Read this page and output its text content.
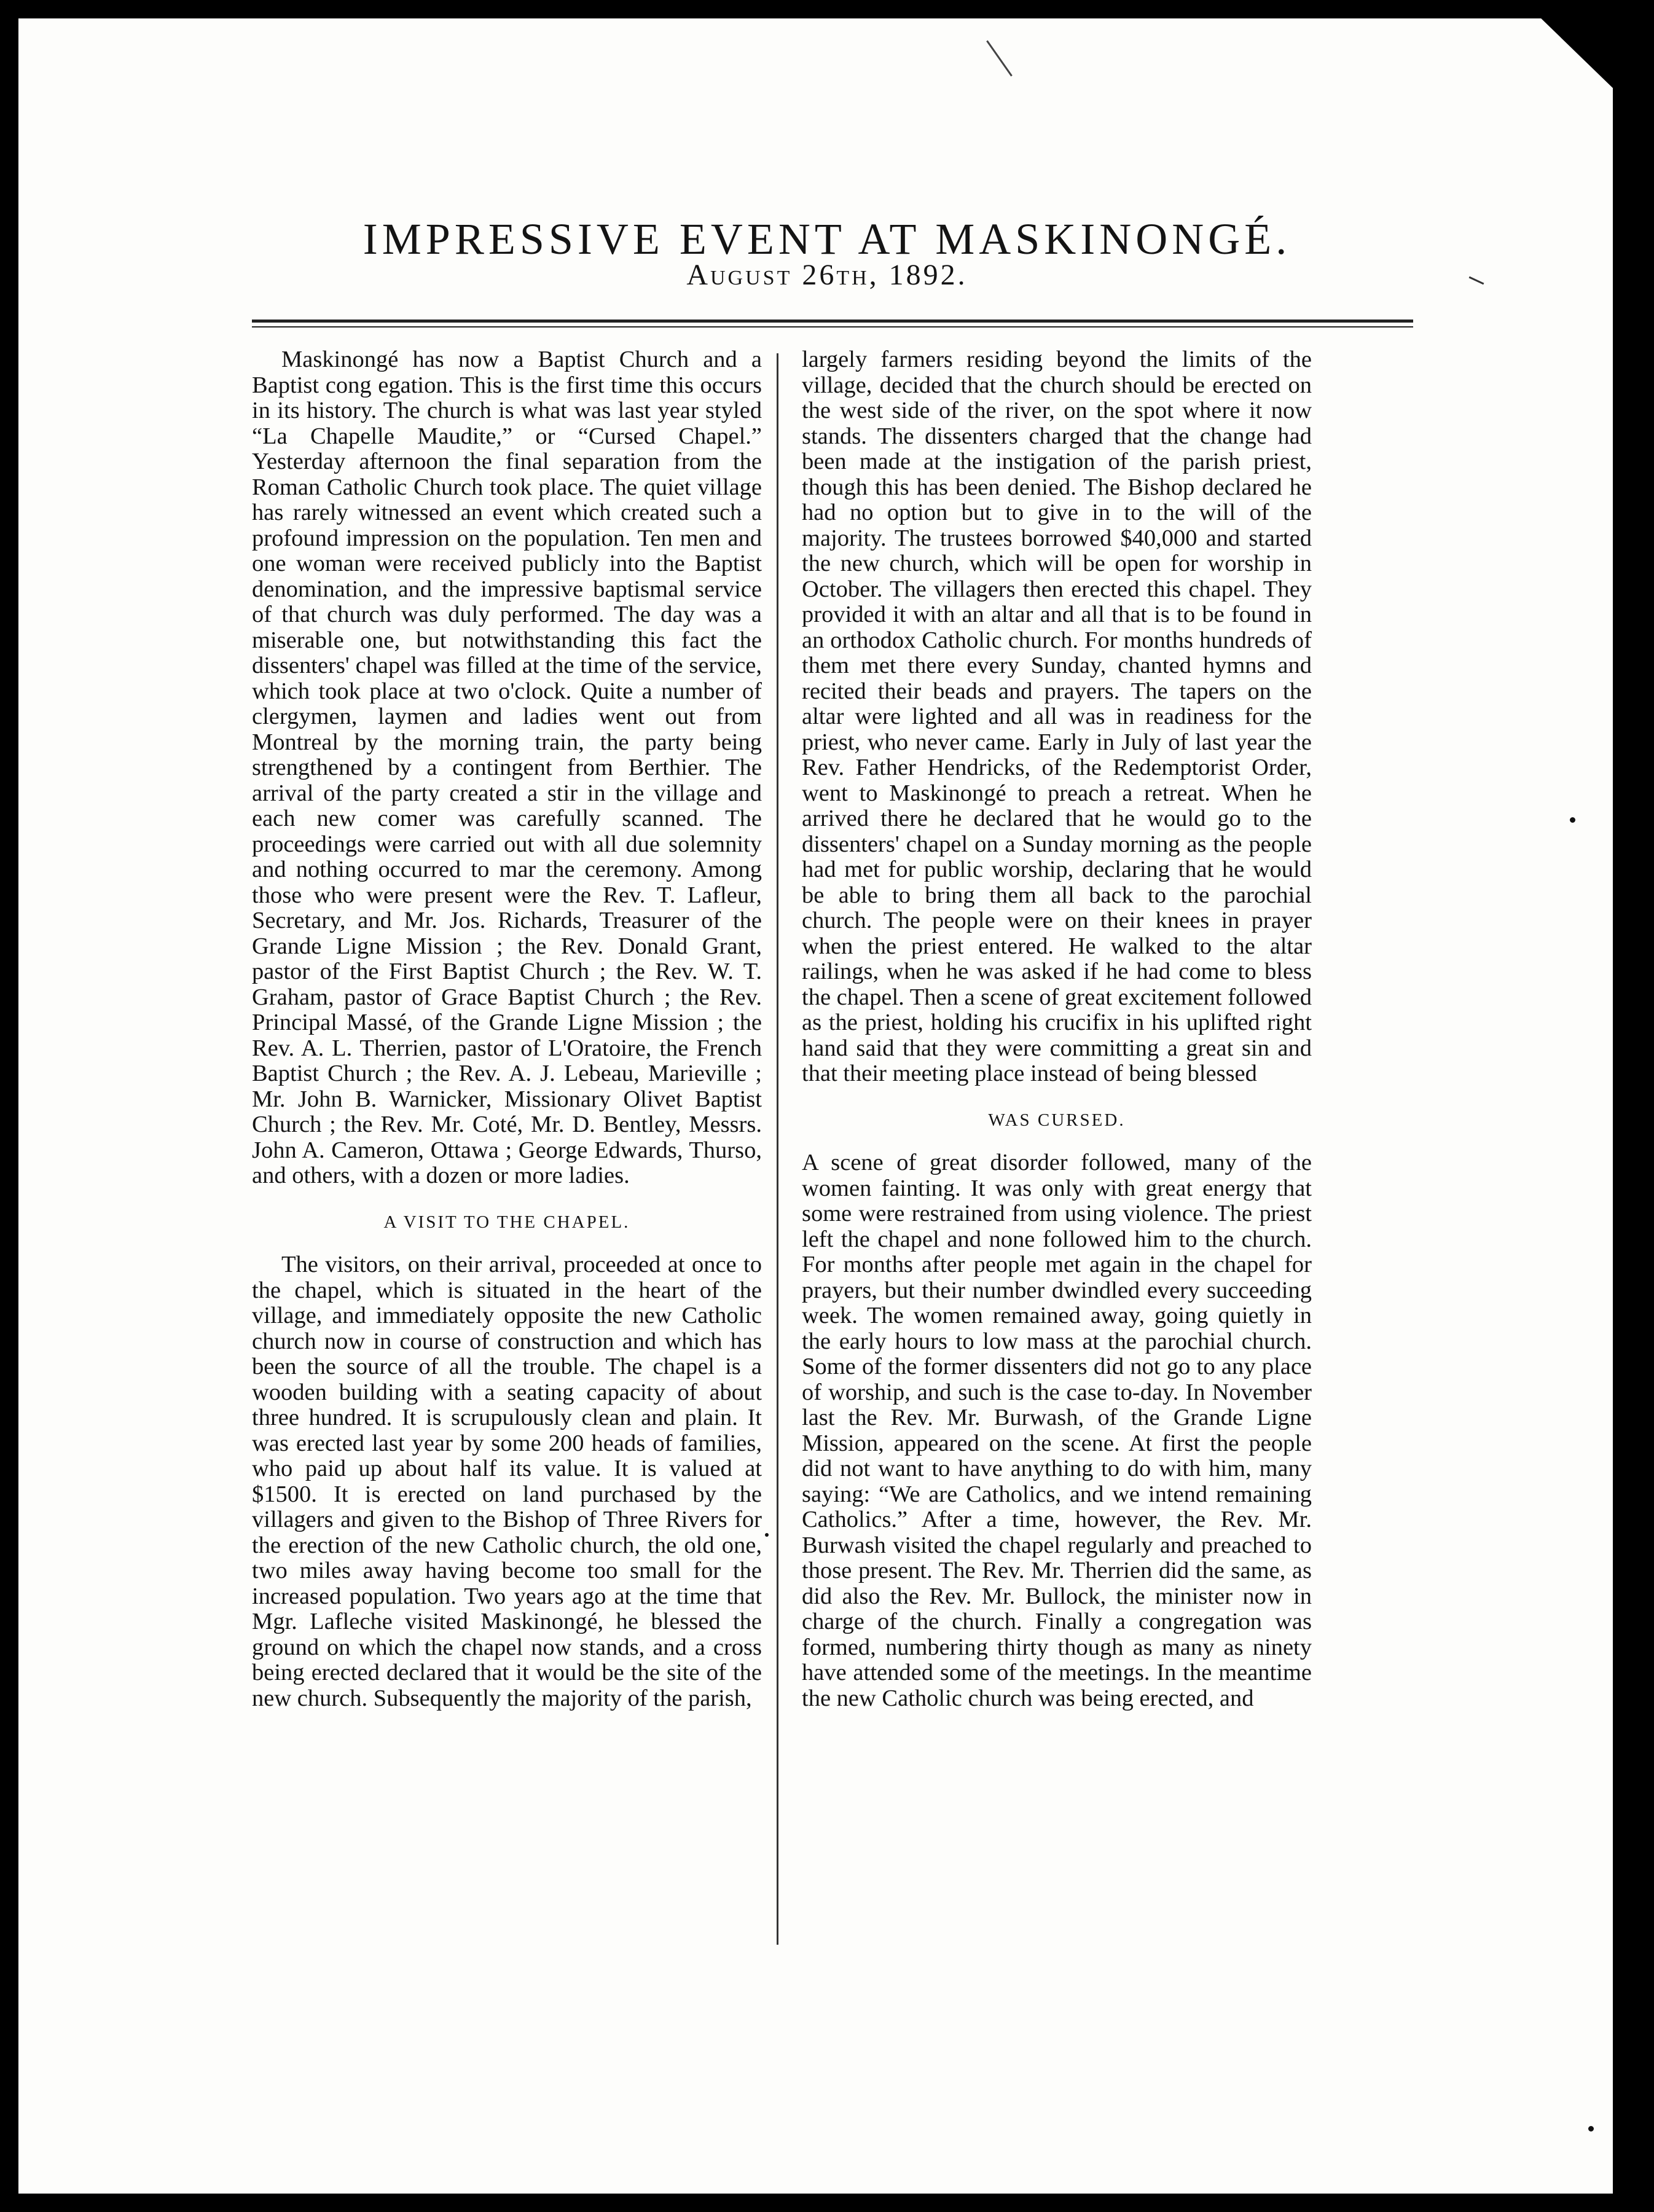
IMPRESSIVE EVENT AT MASKINONGÉ.
August 26th, 1892.

Maskinongé has now a Baptist Church and a Baptist cong egation. This is the first time this occurs in its history. The church is what was last year styled “La Chapelle Maudite,” or “Cursed Chapel.” Yesterday afternoon the final separation from the Roman Catholic Church took place. The quiet village has rarely witnessed an event which created such a profound impression on the population. Ten men and one woman were received publicly into the Baptist denomination, and the impressive baptismal service of that church was duly performed. The day was a miserable one, but notwithstanding this fact the dissenters' chapel was filled at the time of the service, which took place at two o'clock. Quite a number of clergymen, laymen and ladies went out from Montreal by the morning train, the party being strengthened by a contingent from Berthier. The arrival of the party created a stir in the village and each new comer was carefully scanned. The proceedings were carried out with all due solemnity and nothing occurred to mar the ceremony. Among those who were present were the Rev. T. Lafleur, Secretary, and Mr. Jos. Richards, Treasurer of the Grande Ligne Mission ; the Rev. Donald Grant, pastor of the First Baptist Church ; the Rev. W. T. Graham, pastor of Grace Baptist Church ; the Rev. Principal Massé, of the Grande Ligne Mission ; the Rev. A. L. Therrien, pastor of L'Oratoire, the French Baptist Church ; the Rev. A. J. Lebeau, Marieville ; Mr. John B. Warnicker, Missionary Olivet Baptist Church ; the Rev. Mr. Coté, Mr. D. Bentley, Messrs. John A. Cameron, Ottawa ; George Edwards, Thurso, and others, with a dozen or more ladies.

A VISIT TO THE CHAPEL.

The visitors, on their arrival, proceeded at once to the chapel, which is situated in the heart of the village, and immediately opposite the new Catholic church now in course of construction and which has been the source of all the trouble. The chapel is a wooden building with a seating capacity of about three hundred. It is scrupulously clean and plain. It was erected last year by some 200 heads of families, who paid up about half its value. It is valued at $1500. It is erected on land purchased by the villagers and given to the Bishop of Three Rivers for the erection of the new Catholic church, the old one, two miles away having become too small for the increased population. Two years ago at the time that Mgr. Lafleche visited Maskinongé, he blessed the ground on which the chapel now stands, and a cross being erected declared that it would be the site of the new church. Subsequently the majority of the parish,

largely farmers residing beyond the limits of the village, decided that the church should be erected on the west side of the river, on the spot where it now stands. The dissenters charged that the change had been made at the instigation of the parish priest, though this has been denied. The Bishop declared he had no option but to give in to the will of the majority. The trustees borrowed $40,000 and started the new church, which will be open for worship in October. The villagers then erected this chapel. They provided it with an altar and all that is to be found in an orthodox Catholic church. For months hundreds of them met there every Sunday, chanted hymns and recited their beads and prayers. The tapers on the altar were lighted and all was in readiness for the priest, who never came. Early in July of last year the Rev. Father Hendricks, of the Redemptorist Order, went to Maskinongé to preach a retreat. When he arrived there he declared that he would go to the dissenters' chapel on a Sunday morning as the people had met for public worship, declaring that he would be able to bring them all back to the parochial church. The people were on their knees in prayer when the priest entered. He walked to the altar railings, when he was asked if he had come to bless the chapel. Then a scene of great excitement followed as the priest, holding his crucifix in his uplifted right hand said that they were committing a great sin and that their meeting place instead of being blessed

WAS CURSED.

A scene of great disorder followed, many of the women fainting. It was only with great energy that some were restrained from using violence. The priest left the chapel and none followed him to the church. For months after people met again in the chapel for prayers, but their number dwindled every succeeding week. The women remained away, going quietly in the early hours to low mass at the parochial church. Some of the former dissenters did not go to any place of worship, and such is the case to-day. In November last the Rev. Mr. Burwash, of the Grande Ligne Mission, appeared on the scene. At first the people did not want to have anything to do with him, many saying: “We are Catholics, and we intend remaining Catholics.” After a time, however, the Rev. Mr. Burwash visited the chapel regularly and preached to those present. The Rev. Mr. Therrien did the same, as did also the Rev. Mr. Bullock, the minister now in charge of the church. Finally a congregation was formed, numbering thirty though as many as ninety have attended some of the meetings. In the meantime the new Catholic church was being erected, and
